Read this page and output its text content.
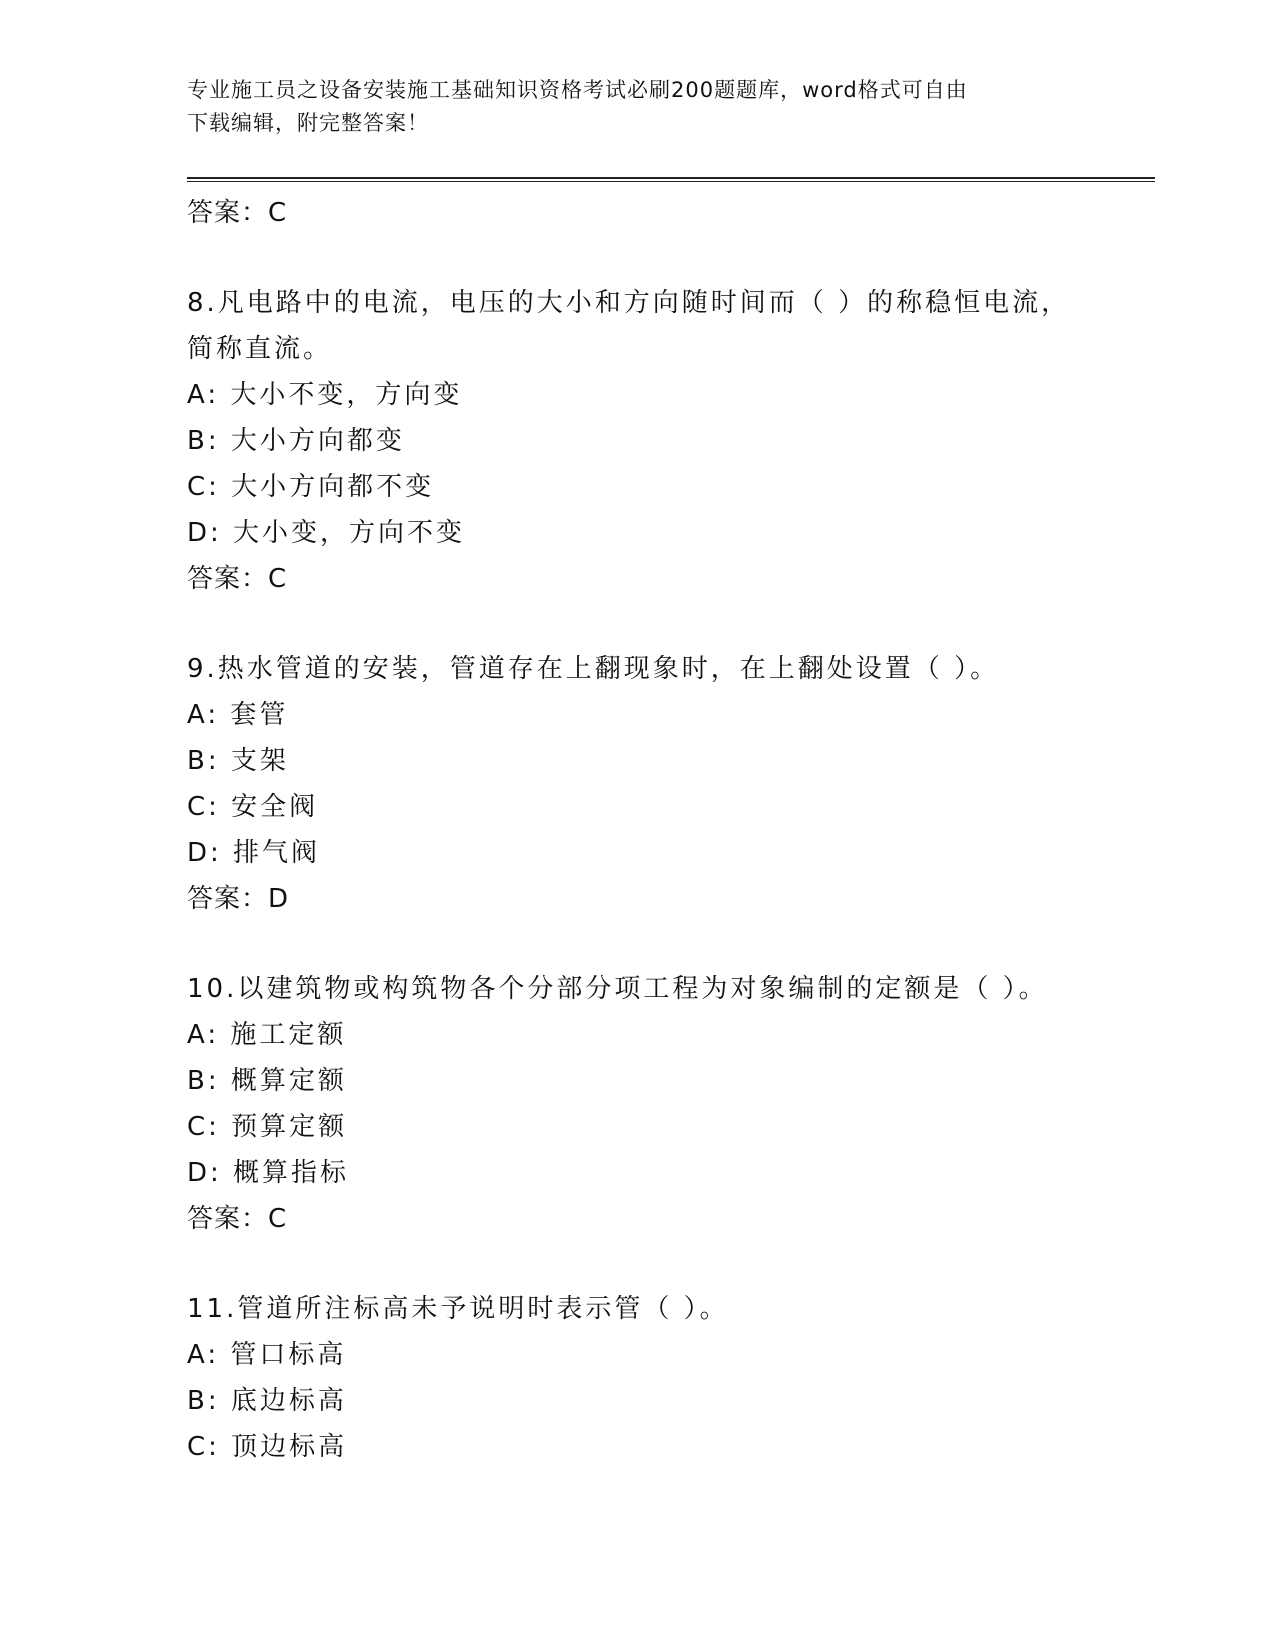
专业施工员之设备安装施工基础知识资格考试必刷200题题库，word格式可自由
下载编辑，附完整答案！
答案：C
8.凡电路中的电流，电压的大小和方向随时间而（ ）的称稳恒电流，
简称直流。
A: 大小不变，方向变
B: 大小方向都变
C: 大小方向都不变
D: 大小变，方向不变
答案：C
9.热水管道的安装，管道存在上翻现象时，在上翻处设置（ ）。
A: 套管
B: 支架
C: 安全阀
D: 排气阀
答案：D
10.以建筑物或构筑物各个分部分项工程为对象编制的定额是（ ）。
A: 施工定额
B: 概算定额
C: 预算定额
D: 概算指标
答案：C
11.管道所注标高未予说明时表示管（ ）。
A: 管口标高
B: 底边标高
C: 顶边标高
